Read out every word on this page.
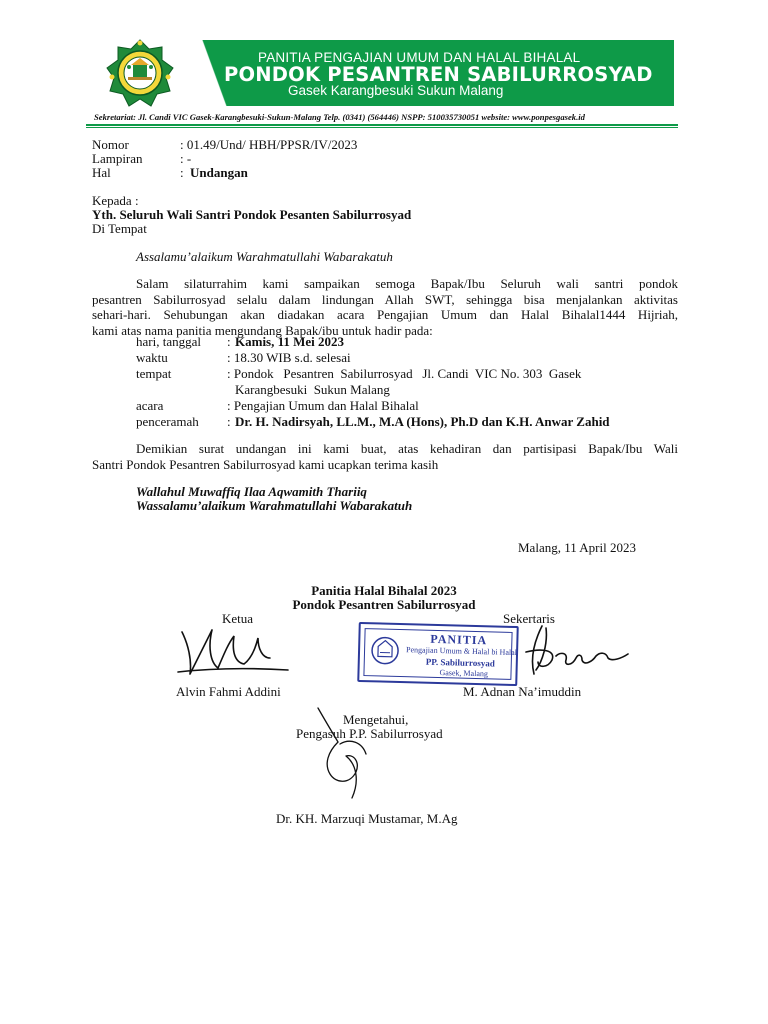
PANITIA PENGAJIAN UMUM DAN HALAL BIHALAL
PONDOK PESANTREN SABILURROSYAD
Gasek Karangbesuki Sukun Malang
Sekretariat: Jl. Candi VIC Gasek-Karangbesuki-Sukun-Malang Telp. (0341) (564446) NSPP: 510035730051 website: www.ponpesgasek.id
Nomor	: 01.49/Und/ HBH/PPSR/IV/2023
Lampiran	: -
Hal	: Undangan
Kepada :
Yth. Seluruh Wali Santri Pondok Pesanten Sabilurrosyad
Di Tempat
Assalamu’alaikum Warahmatullahi Wabarakatuh
Salam silaturrahim kami sampaikan semoga Bapak/Ibu Seluruh wali santri pondok
pesantren Sabilurrosyad selalu dalam lindungan Allah SWT, sehingga bisa menjalankan aktivitas
sehari-hari. Sehubungan akan diadakan acara Pengajian Umum dan Halal Bihalal1444 Hijriah,
kami atas nama panitia mengundang Bapak/ibu untuk hadir pada:
hari, tanggal : Kamis, 11 Mei 2023
waktu	: 18.30 WIB s.d. selesai
tempat	: Pondok   Pesantren  Sabilurrosyad   Jl. Candi  VIC No. 303  Gasek
Karangbesuki  Sukun Malang
acara	: Pengajian Umum dan Halal Bihalal
penceramah : Dr. H. Nadirsyah, LL.M., M.A (Hons), Ph.D dan K.H. Anwar Zahid
Demikian surat undangan ini kami buat, atas kehadiran dan partisipasi Bapak/Ibu Wali
Santri Pondok Pesantren Sabilurrosyad kami ucapkan terima kasih
Wallahul Muwaffiq Ilaa Aqwamith Thariiq
Wassalamu’alaikum Warahmatullahi Wabarakatuh
Malang, 11 April 2023
Panitia Halal Bihalal 2023
Pondok Pesantren Sabilurrosyad
Ketua	Sekertaris
PANITIA
Pengajian Umum & Halal bi Halal
PP. Sabilurrosyad
Gasek, Malang
Alvin Fahmi Addini	M. Adnan Na’imuddin
Mengetahui,
Pengasuh P.P. Sabilurrosyad
Dr. KH. Marzuqi Mustamar, M.Ag
